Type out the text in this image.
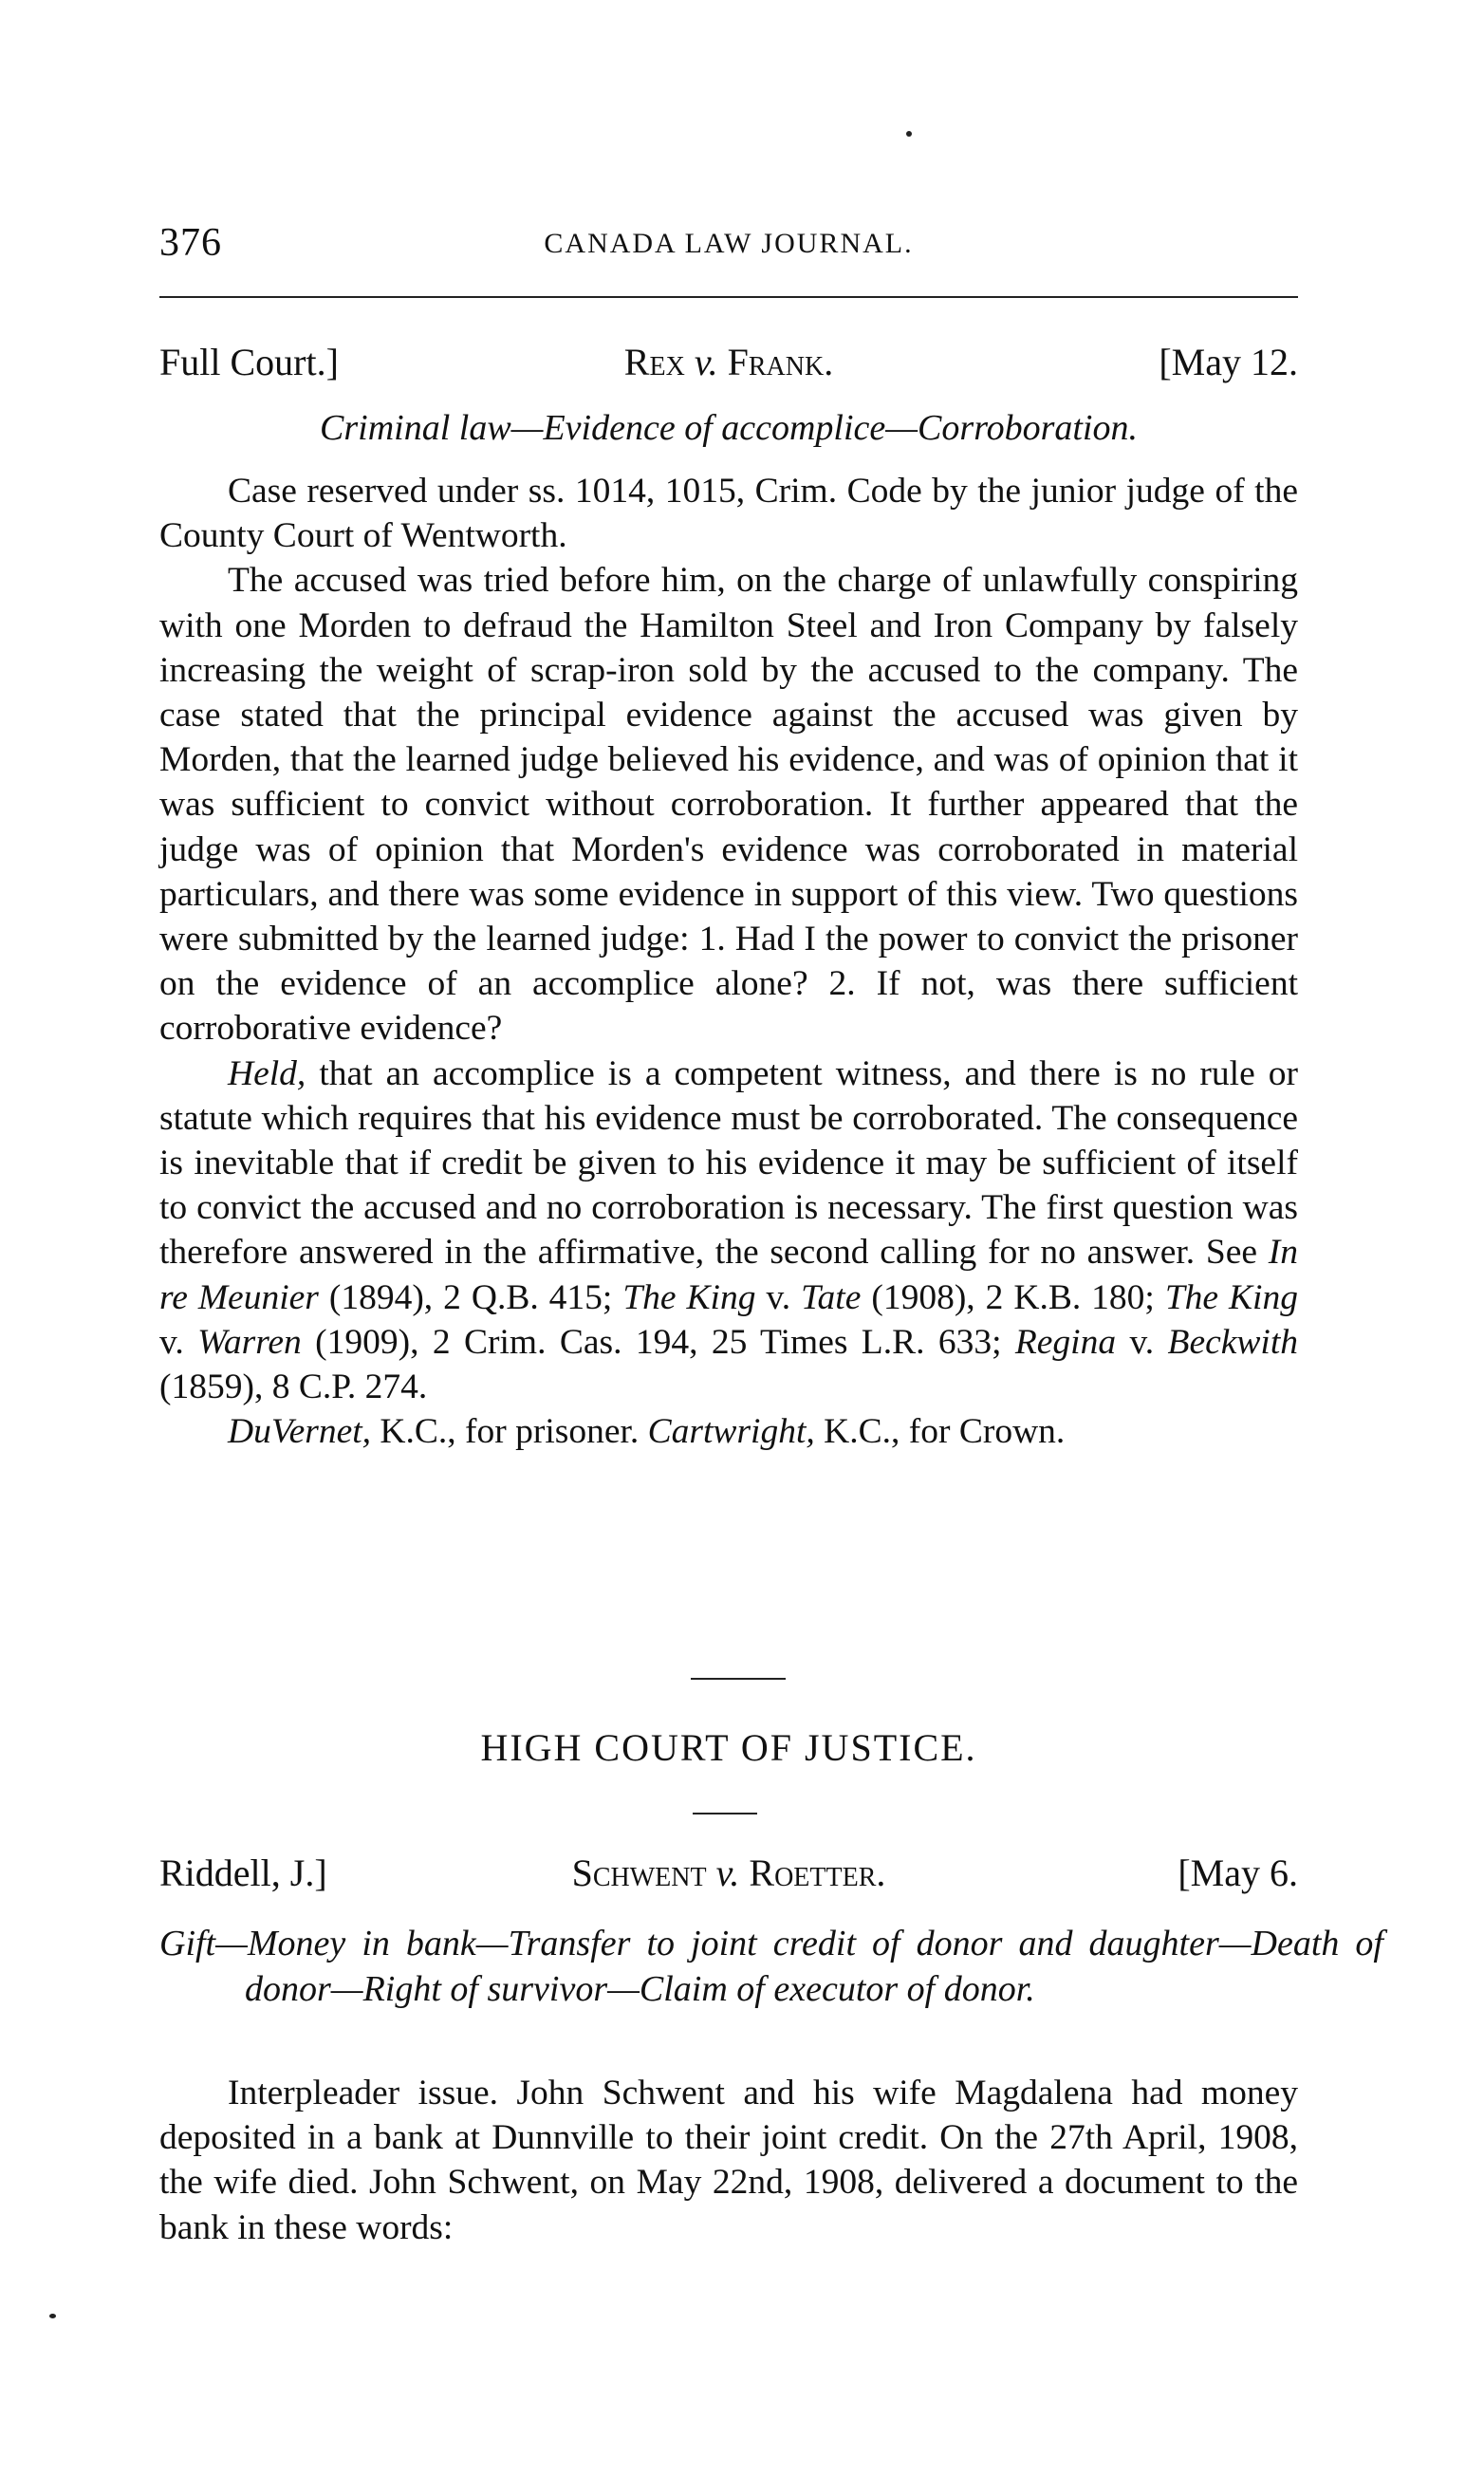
376	CANADA LAW JOURNAL.
Full Court.]	Rex v. Frank.	[May 12.
Criminal law—Evidence of accomplice—Corroboration.

Case reserved under ss. 1014, 1015, Crim. Code by the junior judge of the County Court of Wentworth.

The accused was tried before him, on the charge of unlawfully conspiring with one Morden to defraud the Hamilton Steel and Iron Company by falsely increasing the weight of scrap-iron sold by the accused to the company. The case stated that the principal evidence against the accused was given by Morden, that the learned judge believed his evidence, and was of opinion that it was sufficient to convict without corroboration. It further appeared that the judge was of opinion that Morden's evidence was corroborated in material particulars, and there was some evidence in support of this view. Two questions were submitted by the learned judge: 1. Had I the power to convict the prisoner on the evidence of an accomplice alone? 2. If not, was there sufficient corroborative evidence?

Held, that an accomplice is a competent witness, and there is no rule or statute which requires that his evidence must be corroborated. The consequence is inevitable that if credit be given to his evidence it may be sufficient of itself to convict the accused and no corroboration is necessary. The first question was therefore answered in the affirmative, the second calling for no answer. See In re Meunier (1894), 2 Q.B. 415; The King v. Tate (1908), 2 K.B. 180; The King v. Warren (1909), 2 Crim. Cas. 194, 25 Times L.R. 633; Regina v. Beckwith (1859), 8 C.P. 274.

DuVernet, K.C., for prisoner. Cartwright, K.C., for Crown.

HIGH COURT OF JUSTICE.
Riddell, J.]	Schwent v. Roetter.	[May 6.
Gift—Money in bank—Transfer to joint credit of donor and daughter—Death of donor—Right of survivor—Claim of executor of donor.

Interpleader issue. John Schwent and his wife Magdalena had money deposited in a bank at Dunnville to their joint credit. On the 27th April, 1908, the wife died. John Schwent, on May 22nd, 1908, delivered a document to the bank in these words:
